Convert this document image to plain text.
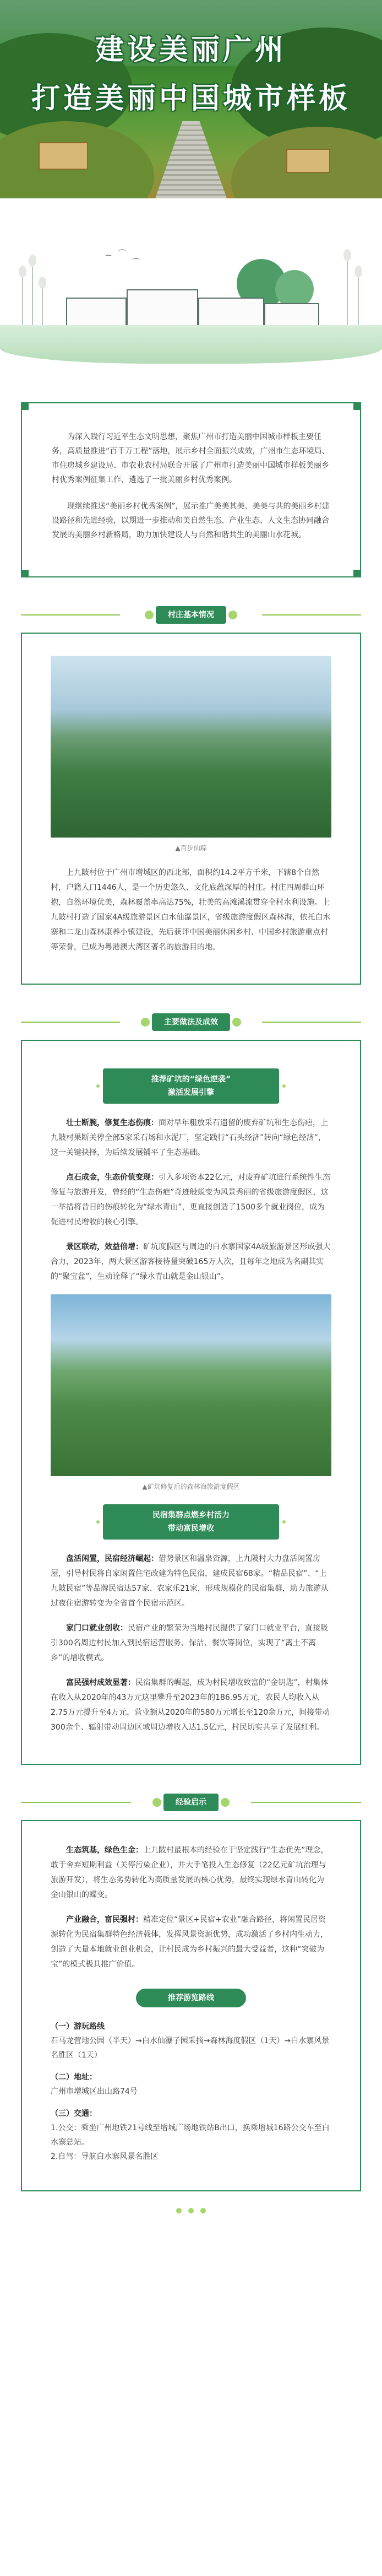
建设美丽广州
打造美丽中国城市样板
⌒
⌒
⌒

为深入践行习近平生态文明思想，聚焦广州市打造美丽中国城市样板主要任务，高质量推进“百千万工程”落地，展示乡村全面振兴成效，广州市生态环境局、市住房城乡建设局、市农业农村局联合开展了广州市打造美丽中国城市样板美丽乡村优秀案例征集工作，遴选了一批美丽乡村优秀案例。

现继续推送“美丽乡村优秀案例”，展示推广美美其美、美美与共的美丽乡村建设路径和先进经验，以期进一步推动和美自然生态、产业生态、人文生态协同融合发展的美丽乡村新格局，助力加快建设人与自然和谐共生的美丽山水花城。

村庄基本情况
▲百步仙踪

上九陂村位于广州市增城区的西北部，面积约14.2平方千米，下辖8个自然村，户籍人口1446人，是一个历史悠久、文化底蕴深厚的村庄。村庄四周群山环抱，自然环境优美，森林覆盖率高达75%，壮美的高滩溪流贯穿全村水利设施。上九陂村打造了国家4A级旅游景区白水仙瀑景区，省级旅游度假区森林海，依托白水寨和二龙山森林康养小镇建设，先后获评中国美丽休闲乡村、中国乡村旅游重点村等荣誉，已成为粤港澳大湾区著名的旅游目的地。

主要做法及成效
推荐矿坑的“绿色逆袭”
激活发展引擎

壮士断腕，修复生态伤痕：面对早年粗放采石遗留的废弃矿坑和生态伤疤，上九陂村果断关停全部5家采石场和水泥厂，坚定践行“石头经济”转向“绿色经济”，这一关键抉择，为后续发展铺平了生态基础。

点石成金，生态价值变现：引入多项资本22亿元，对废弃矿坑进行系统性生态修复与旅游开发，曾经的“生态伤疤”奇迹般蜕变为风景秀丽的省级旅游度假区，这一举措将昔日的伤痕转化为“绿水青山”，更直接创造了1500多个就业岗位，成为促进村民增收的核心引擎。

景区联动，效益倍增：矿坑度假区与周边的白水寨国家4A级旅游景区形成强大合力，2023年，两大景区游客接待量突破165万人次，且每年之地成为名副其实的“聚宝盆”，生动诠释了“绿水青山就是金山银山”。

▲矿坑修复后的森林海旅游度假区
民宿集群点燃乡村活力
带动富民增收

盘活闲置，民宿经济崛起：借势景区和温泉资源，上九陂村大力盘活闲置房屋，引导村民将自家闲置住宅改建为特色民宿，建成民宿68家。“精品民宿”、“上九陂民宿”等品牌民宿达57家、农家乐21家，形成规模化的民宿集群，助力旅游从过夜住宿游转变为全省首个民宿示范区。

家门口就业创收：民宿产业的繁荣为当地村民提供了家门口就业平台，直接吸引300名周边村民加入到民宿运营服务、保洁、餐饮等岗位，实现了“离土不离乡”的增收模式。

富民强村成效显著：民宿集群的崛起，成为村民增收致富的“金钥匙”，村集体在收入从2020年的43万元这里攀升至2023年的186.95万元，农民人均收入从2.75万元提升至4万元，营业额从2020年的580万元增长至120余万元，间接带动300余个、辐射带动周边区域周边增收入达1.5亿元，村民切实共享了发展红利。

经验启示

生态筑基，绿色生金：上九陂村最根本的经验在于坚定践行“生态优先”理念，敢于舍弃短期利益（关停污染企业），并大手笔投入生态修复（22亿元矿坑治理与旅游开发），将生态劣势转化为高质量发展的核心优势，最终实现绿水青山转化为金山银山的蝶变。

产业融合，富民强村：精准定位“景区+民宿+农业”融合路径，将闲置民居资源转化为民宿集群特色经济载体，发挥风景资源优势，成功激活了乡村内生动力，创造了大量本地就业创业机会，让村民成为乡村振兴的最大受益者，这种“突破为宝”的模式极具推广价值。

推荐游览路线
（一）游玩路线
石马龙营地公园（半天）→白水仙瀑子园采摘→森林海度假区（1天）→白水寨风景名胜区（1天）
（二）地址：
广州市增城区出山路74号
（三）交通：
1.公交：乘坐广州地铁21号线至增城广场地铁站B出口，换乘增城16路公交车至白水寨总站。
2.自驾：导航白水寨风景名胜区
